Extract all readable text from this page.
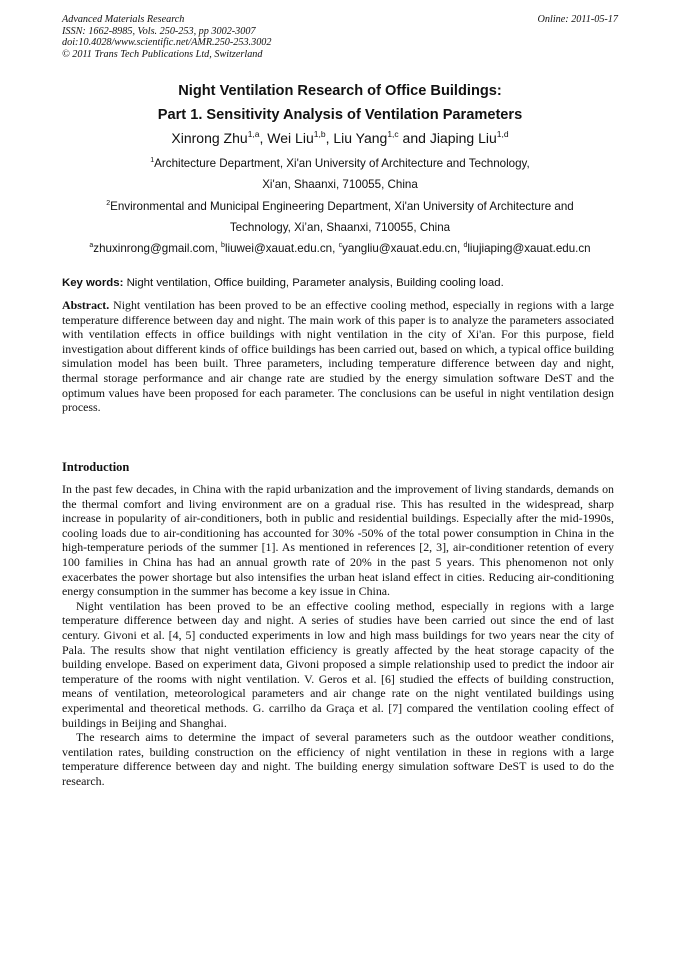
Advanced Materials Research
ISSN: 1662-8985, Vols. 250-253, pp 3002-3007
doi:10.4028/www.scientific.net/AMR.250-253.3002
© 2011 Trans Tech Publications Ltd, Switzerland
Online: 2011-05-17
Night Ventilation Research of Office Buildings:
Part 1. Sensitivity Analysis of Ventilation Parameters
Xinrong Zhu$^{1,a}$, Wei Liu$^{1,b}$, Liu Yang$^{1,c}$ and Jiaping Liu$^{1,d}$
$^1$Architecture Department, Xi'an University of Architecture and Technology,
Xi'an, Shaanxi, 710055, China
$^2$Environmental and Municipal Engineering Department, Xi'an University of Architecture and
Technology, Xi’an, Shaanxi, 710055, China
$^a$zhuxinrong@gmail.com, $^b$liuwei@xauat.edu.cn, $^c$yangliu@xauat.edu.cn, $^d$liujiaping@xauat.edu.cn
Key words: Night ventilation, Office building, Parameter analysis, Building cooling load.
Abstract. Night ventilation has been proved to be an effective cooling method, especially in regions with a large temperature difference between day and night. The main work of this paper is to analyze the parameters associated with ventilation effects in office buildings with night ventilation in the city of Xi'an. For this purpose, field investigation about different kinds of office buildings has been carried out, based on which, a typical office building simulation model has been built. Three parameters, including temperature difference between day and night, thermal storage performance and air change rate are studied by the energy simulation software DeST and the optimum values have been proposed for each parameter. The conclusions can be useful in night ventilation design process.
Introduction

In the past few decades, in China with the rapid urbanization and the improvement of living standards, demands on the thermal comfort and living environment are on a gradual rise. This has resulted in the widespread, sharp increase in popularity of air-conditioners, both in public and residential buildings. Especially after the mid-1990s, cooling loads due to air-conditioning has accounted for 30% -50% of the total power consumption in China in the high-temperature periods of the summer [1]. As mentioned in references [2, 3], air-conditioner retention of every 100 families in China has had an annual growth rate of 20% in the past 5 years. This phenomenon not only exacerbates the power shortage but also intensifies the urban heat island effect in cities. Reducing air-conditioning energy consumption in the summer has become a key issue in China.

Night ventilation has been proved to be an effective cooling method, especially in regions with a large temperature difference between day and night. A series of studies have been carried out since the end of last century. Givoni et al. [4, 5] conducted experiments in low and high mass buildings for two years near the city of Pala. The results show that night ventilation efficiency is greatly affected by the heat storage capacity of the building envelope. Based on experiment data, Givoni proposed a simple relationship used to predict the indoor air temperature of the rooms with night ventilation. V. Geros et al. [6] studied the effects of building construction, means of ventilation, meteorological parameters and air change rate on the night ventilated buildings using experimental and theoretical methods. G. carrilho da Graça et al. [7] compared the ventilation cooling effect of buildings in Beijing and Shanghai.

The research aims to determine the impact of several parameters such as the outdoor weather conditions, ventilation rates, building construction on the efficiency of night ventilation in these in regions with a large temperature difference between day and night. The building energy simulation software DeST is used to do the research.
